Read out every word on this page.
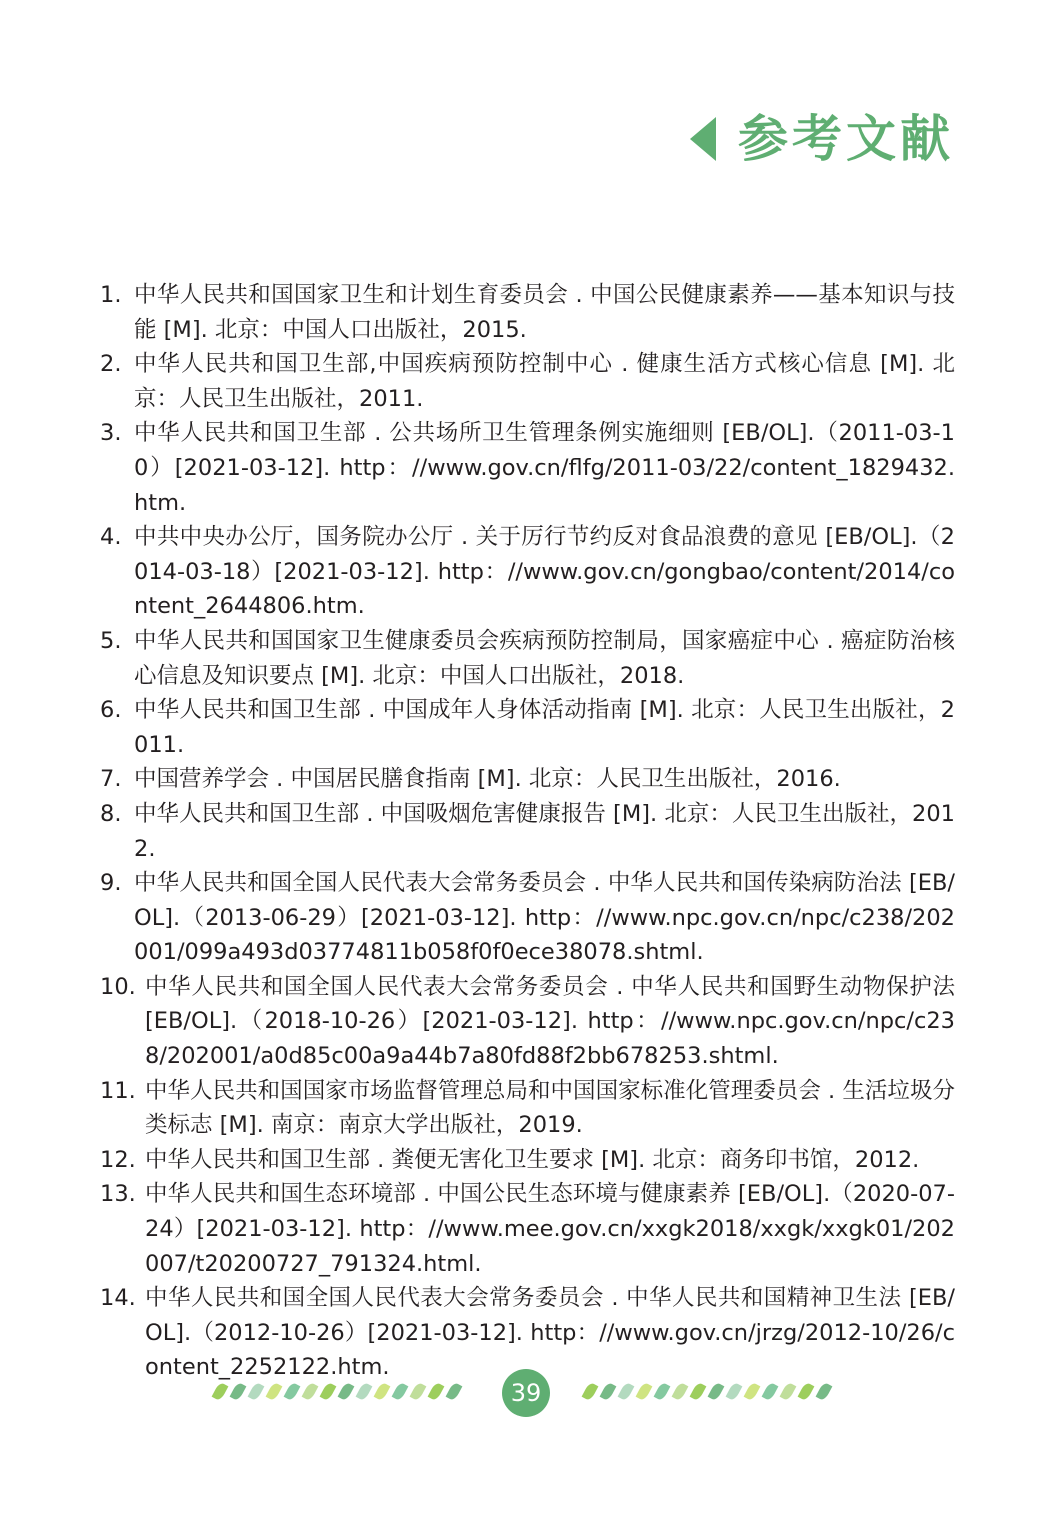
参考文献
1. 中华人民共和国国家卫生和计划生育委员会 . 中国公民健康素养——基本知识与技能 [M]. 北京：中国人口出版社，2015.
2. 中华人民共和国卫生部,中国疾病预防控制中心 . 健康生活方式核心信息 [M]. 北京：人民卫生出版社，2011.
3. 中华人民共和国卫生部 . 公共场所卫生管理条例实施细则 [EB/OL].（2011-03-10）[2021-03-12]. http：//www.gov.cn/flfg/2011-03/22/content_1829432.htm.
4. 中共中央办公厅，国务院办公厅 . 关于厉行节约反对食品浪费的意见 [EB/OL].（2014-03-18）[2021-03-12]. http：//www.gov.cn/gongbao/content/2014/content_2644806.htm.
5. 中华人民共和国国家卫生健康委员会疾病预防控制局，国家癌症中心 . 癌症防治核心信息及知识要点 [M]. 北京：中国人口出版社，2018.
6. 中华人民共和国卫生部 . 中国成年人身体活动指南 [M]. 北京：人民卫生出版社，2011.
7. 中国营养学会 . 中国居民膳食指南 [M]. 北京：人民卫生出版社，2016.
8. 中华人民共和国卫生部 . 中国吸烟危害健康报告 [M]. 北京：人民卫生出版社，2012.
9. 中华人民共和国全国人民代表大会常务委员会 . 中华人民共和国传染病防治法 [EB/OL].（2013-06-29）[2021-03-12]. http：//www.npc.gov.cn/npc/c238/202001/099a493d03774811b058f0f0ece38078.shtml.
10. 中华人民共和国全国人民代表大会常务委员会 . 中华人民共和国野生动物保护法 [EB/OL].（2018-10-26）[2021-03-12]. http：//www.npc.gov.cn/npc/c238/202001/a0d85c00a9a44b7a80fd88f2bb678253.shtml.
11. 中华人民共和国国家市场监督管理总局和中国国家标准化管理委员会 . 生活垃圾分类标志 [M]. 南京：南京大学出版社，2019.
12. 中华人民共和国卫生部 . 粪便无害化卫生要求 [M]. 北京：商务印书馆，2012.
13. 中华人民共和国生态环境部 . 中国公民生态环境与健康素养 [EB/OL].（2020-07-24）[2021-03-12]. http：//www.mee.gov.cn/xxgk2018/xxgk/xxgk01/202007/t20200727_791324.html.
14. 中华人民共和国全国人民代表大会常务委员会 . 中华人民共和国精神卫生法 [EB/OL].（2012-10-26）[2021-03-12]. http：//www.gov.cn/jrzg/2012-10/26/content_2252122.htm.
39
